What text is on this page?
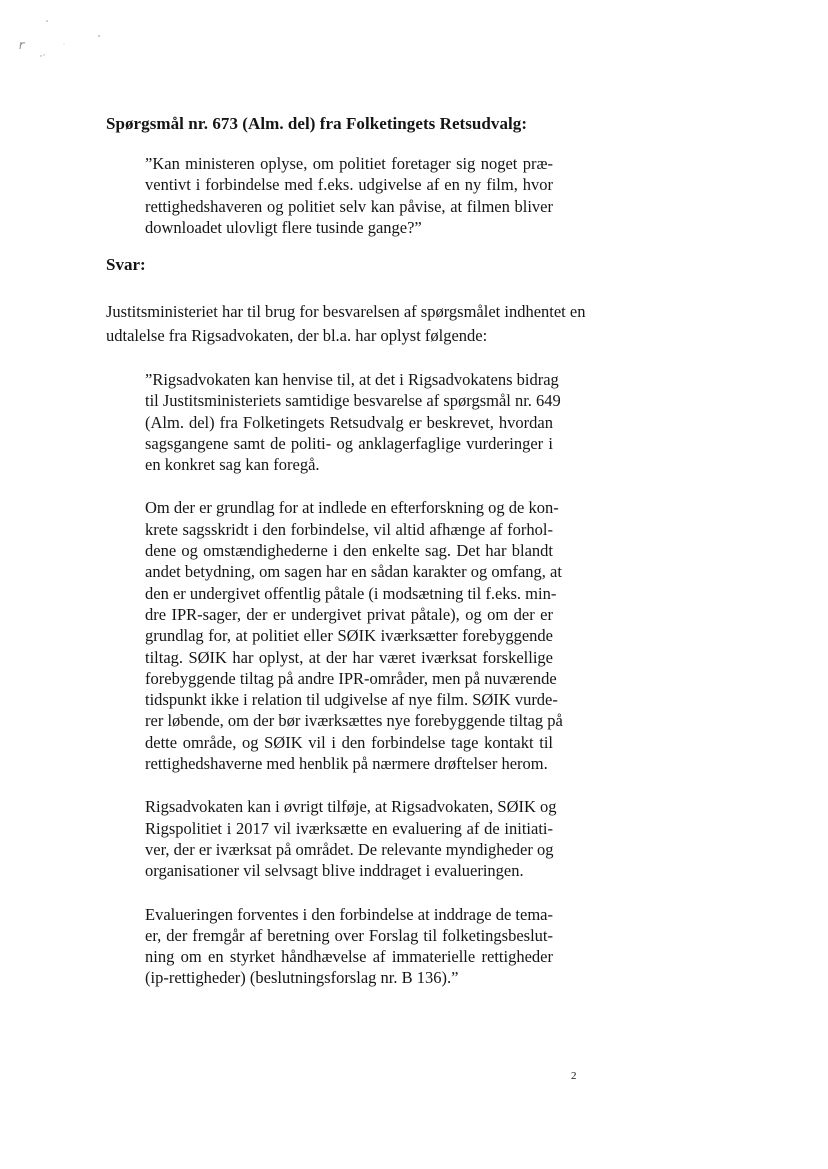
Spørgsmål nr. 673 (Alm. del) fra Folketingets Retsudvalg:
”Kan ministeren oplyse, om politiet foretager sig noget præ-
ventivt i forbindelse med f.eks. udgivelse af en ny film, hvor
rettighedshaveren og politiet selv kan påvise, at filmen bliver
downloadet ulovligt flere tusinde gange?”
Svar:
Justitsministeriet har til brug for besvarelsen af spørgsmålet indhentet en
udtalelse fra Rigsadvokaten, der bl.a. har oplyst følgende:
”Rigsadvokaten kan henvise til, at det i Rigsadvokatens bidrag
til Justitsministeriets samtidige besvarelse af spørgsmål nr. 649
(Alm. del) fra Folketingets Retsudvalg er beskrevet, hvordan
sagsgangene samt de politi- og anklagerfaglige vurderinger i
en konkret sag kan foregå.
Om der er grundlag for at indlede en efterforskning og de kon-
krete sagsskridt i den forbindelse, vil altid afhænge af forhol-
dene og omstændighederne i den enkelte sag. Det har blandt
andet betydning, om sagen har en sådan karakter og omfang, at
den er undergivet offentlig påtale (i modsætning til f.eks. min-
dre IPR-sager, der er undergivet privat påtale), og om der er
grundlag for, at politiet eller SØIK iværksætter forebyggende
tiltag. SØIK har oplyst, at der har været iværksat forskellige
forebyggende tiltag på andre IPR-områder, men på nuværende
tidspunkt ikke i relation til udgivelse af nye film. SØIK vurde-
rer løbende, om der bør iværksættes nye forebyggende tiltag på
dette område, og SØIK vil i den forbindelse tage kontakt til
rettighedshaverne med henblik på nærmere drøftelser herom.
Rigsadvokaten kan i øvrigt tilføje, at Rigsadvokaten, SØIK og
Rigspolitiet i 2017 vil iværksætte en evaluering af de initiati-
ver, der er iværksat på området. De relevante myndigheder og
organisationer vil selvsagt blive inddraget i evalueringen.
Evalueringen forventes i den forbindelse at inddrage de tema-
er, der fremgår af beretning over Forslag til folketingsbeslut-
ning om en styrket håndhævelse af immaterielle rettigheder
(ip-rettigheder) (beslutningsforslag nr. B 136).”
2
